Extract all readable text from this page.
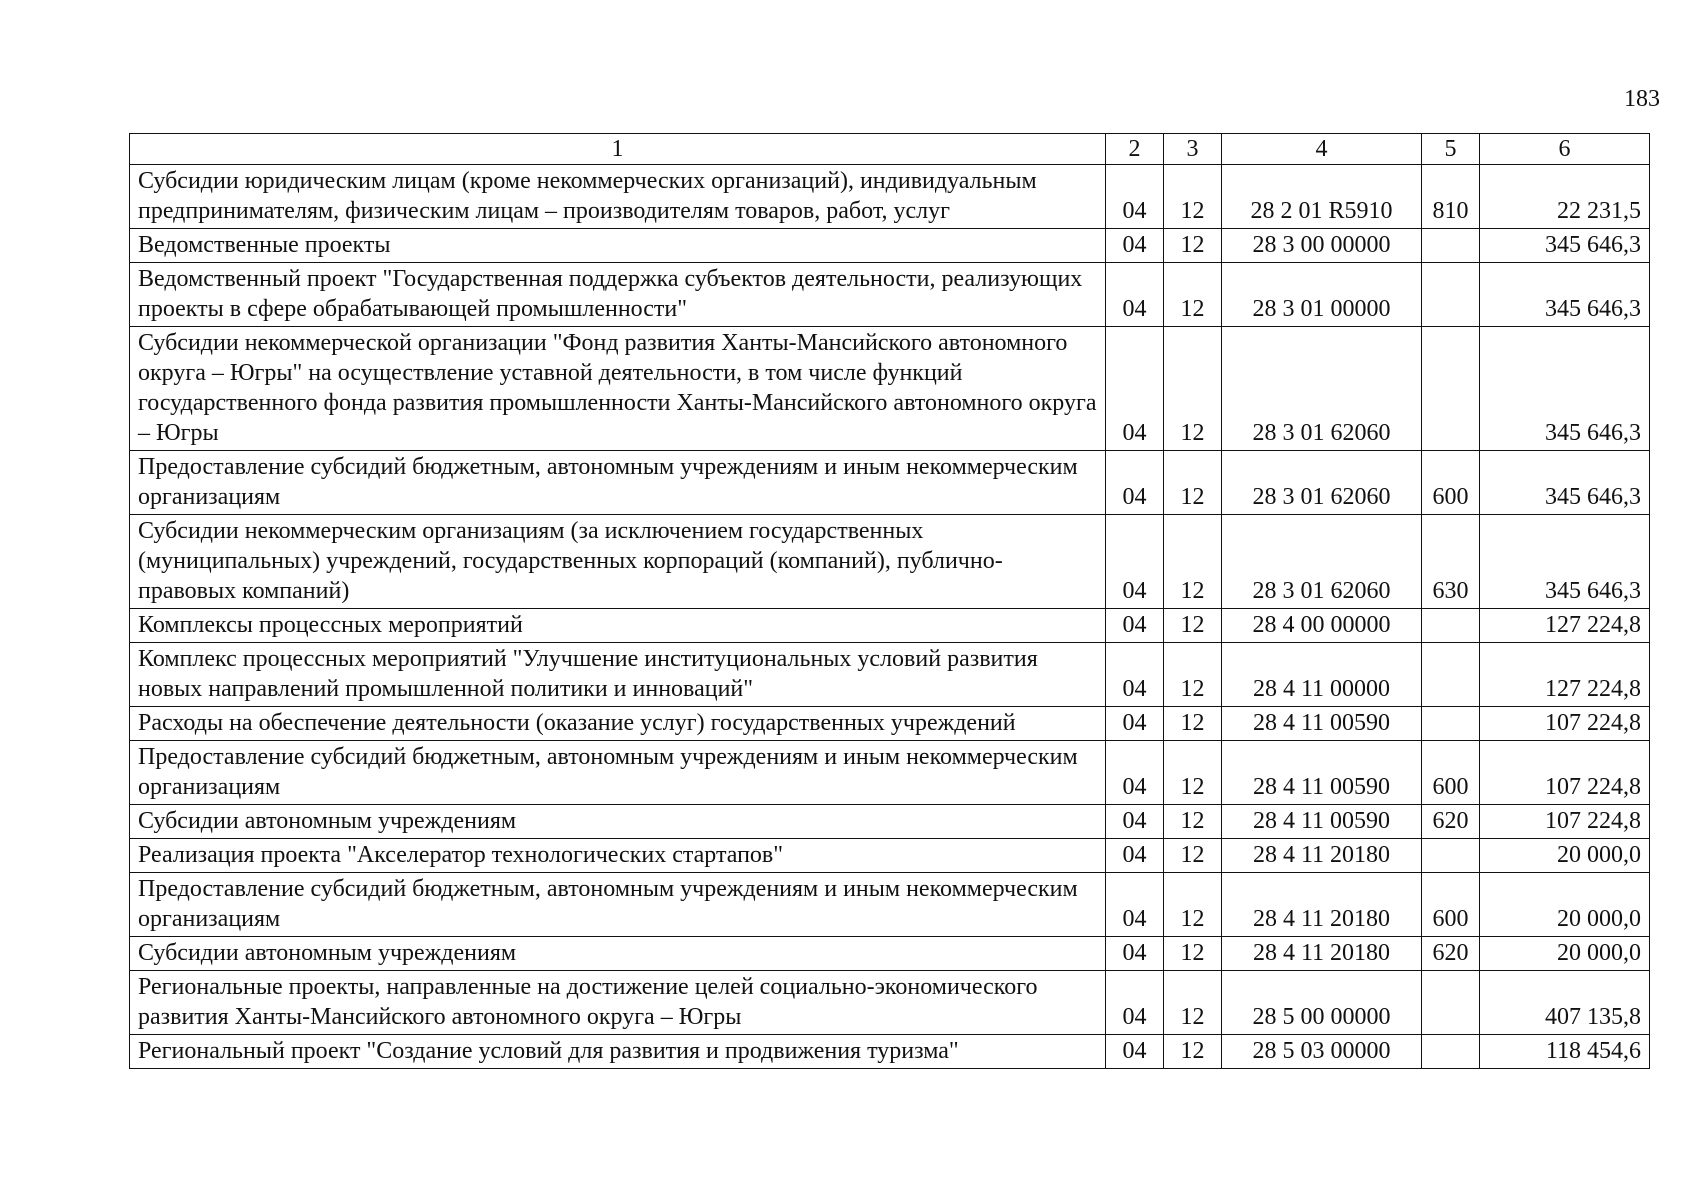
183
1	2	3	4	5	6
Субсидии юридическим лицам (кроме некоммерческих организаций), индивидуальным предпринимателям, физическим лицам – производителям товаров, работ, услуг	04	12	28 2 01 R5910	810	22 231,5
Ведомственные проекты	04	12	28 3 00 00000		345 646,3
Ведомственный проект "Государственная поддержка субъектов деятельности, реализующих проекты в сфере обрабатывающей промышленности"	04	12	28 3 01 00000		345 646,3
Субсидии некоммерческой организации "Фонд развития Ханты-Мансийского автономного округа – Югры" на осуществление уставной деятельности, в том числе функций государственного фонда развития промышленности Ханты-Мансийского автономного округа – Югры	04	12	28 3 01 62060		345 646,3
Предоставление субсидий бюджетным, автономным учреждениям и иным некоммерческим организациям	04	12	28 3 01 62060	600	345 646,3
Субсидии некоммерческим организациям (за исключением государственных (муниципальных) учреждений, государственных корпораций (компаний), публично-правовых компаний)	04	12	28 3 01 62060	630	345 646,3
Комплексы процессных мероприятий	04	12	28 4 00 00000		127 224,8
Комплекс процессных мероприятий "Улучшение институциональных условий развития новых направлений промышленной политики и инноваций"	04	12	28 4 11 00000		127 224,8
Расходы на обеспечение деятельности (оказание услуг) государственных учреждений	04	12	28 4 11 00590		107 224,8
Предоставление субсидий бюджетным, автономным учреждениям и иным некоммерческим организациям	04	12	28 4 11 00590	600	107 224,8
Субсидии автономным учреждениям	04	12	28 4 11 00590	620	107 224,8
Реализация проекта "Акселератор технологических стартапов"	04	12	28 4 11 20180		20 000,0
Предоставление субсидий бюджетным, автономным учреждениям и иным некоммерческим организациям	04	12	28 4 11 20180	600	20 000,0
Субсидии автономным учреждениям	04	12	28 4 11 20180	620	20 000,0
Региональные проекты, направленные на достижение целей социально-экономического развития Ханты-Мансийского автономного округа – Югры	04	12	28 5 00 00000		407 135,8
Региональный проект "Создание условий для развития и продвижения туризма"	04	12	28 5 03 00000		118 454,6
